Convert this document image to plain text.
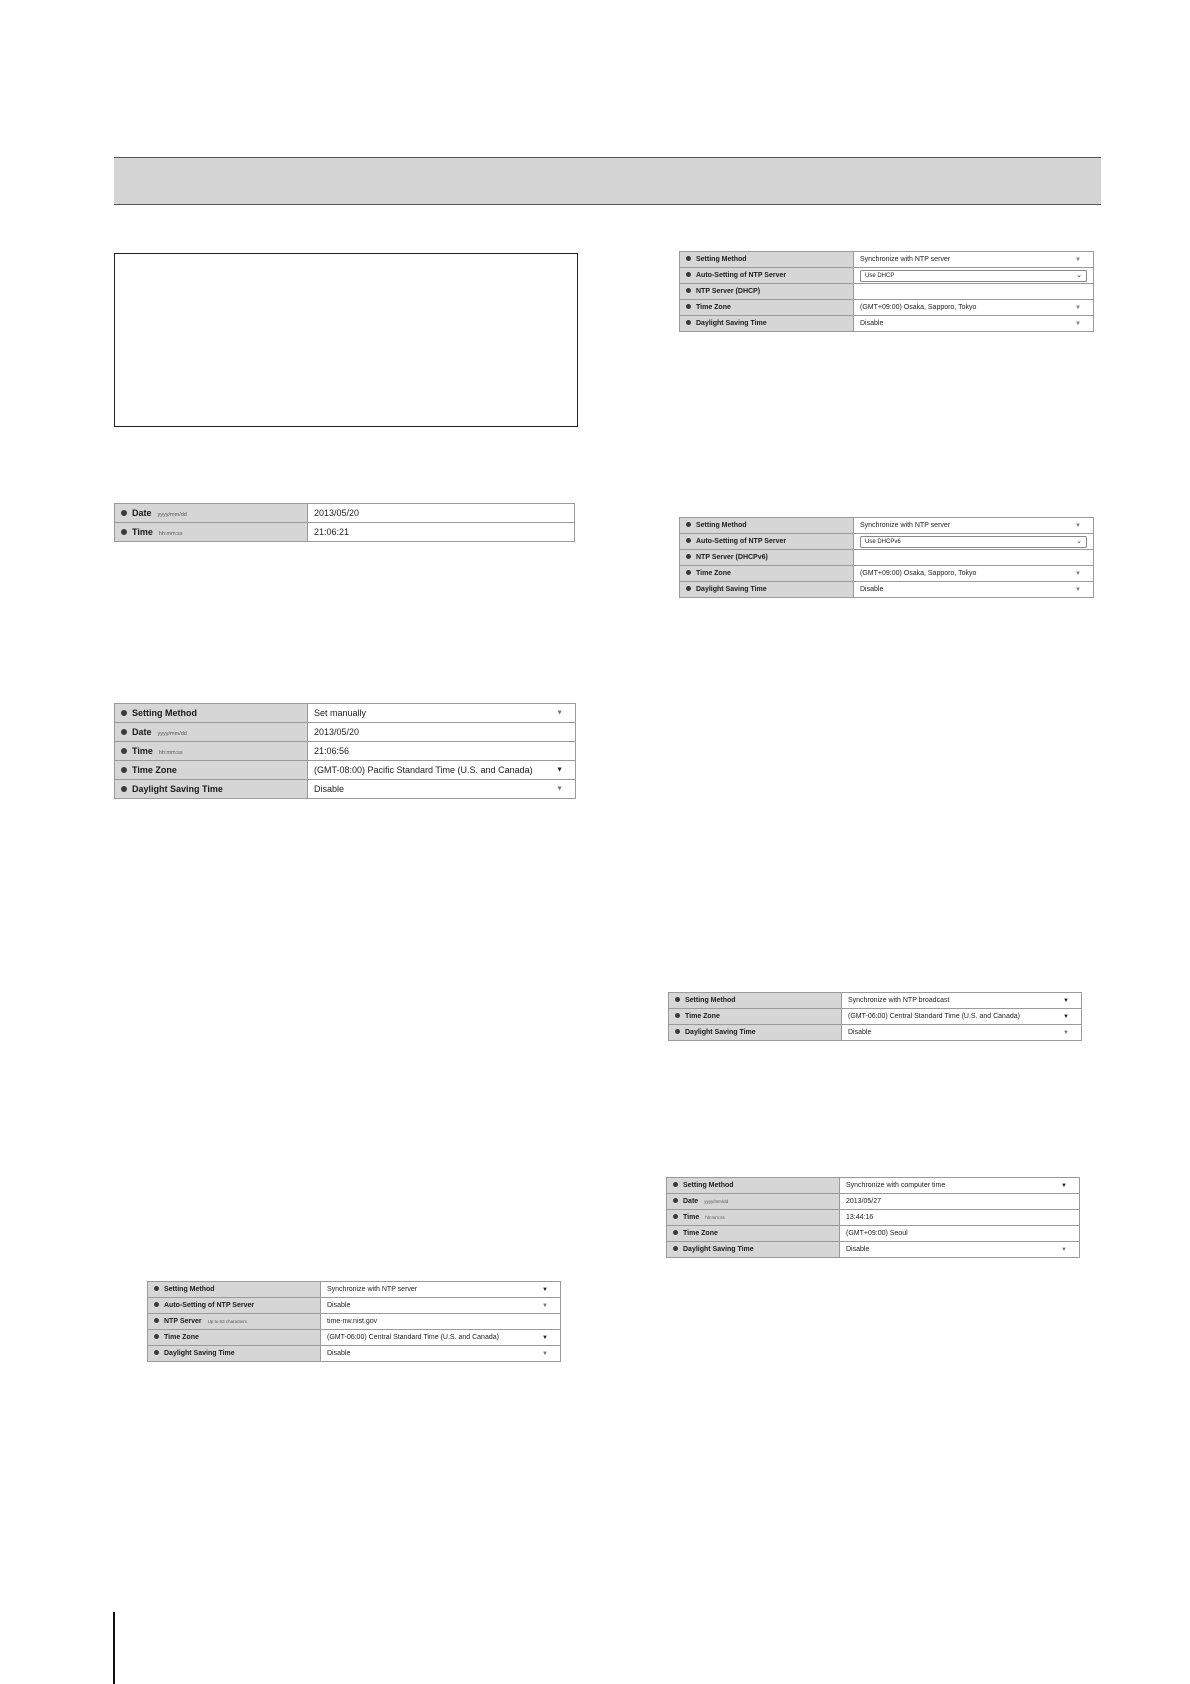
Date yyyy/mm/dd	2013/05/20
Time hh:mm:ss	21:06:21
Setting Method	Set manually ▼

Date yyyy/mm/dd	2013/05/20
Time hh:mm:ss	21:06:56
Time Zone	(GMT-08:00) Pacific Standard Time (U.S. and Canada) ▼

Daylight Saving Time	Disable ▼
Setting Method	Synchronize with NTP server ▼

Auto-Setting of NTP Server	Disable ▼

NTP Server Up to 63 characters	time-nw.nist.gov
Time Zone	(GMT-06:00) Central Standard Time (U.S. and Canada) ▼

Daylight Saving Time	Disable ▼
Setting Method	Synchronize with NTP server ▼

Auto-Setting of NTP Server	Use DHCP ⌄

NTP Server (DHCP)	
Time Zone	(GMT+09:00) Osaka, Sapporo, Tokyo ▼

Daylight Saving Time	Disable ▼
Setting Method	Synchronize with NTP server ▼

Auto-Setting of NTP Server	Use DHCPv6 ⌄

NTP Server (DHCPv6)	
Time Zone	(GMT+09:00) Osaka, Sapporo, Tokyo ▼

Daylight Saving Time	Disable ▼
Setting Method	Synchronize with NTP broadcast ▼

Time Zone	(GMT-06:00) Central Standard Time (U.S. and Canada) ▼

Daylight Saving Time	Disable ▼
Setting Method	Synchronize with computer time ▼

Date yyyy/mm/dd	2013/05/27
Time hh:mm:ss	13:44:16
Time Zone	(GMT+09:00) Seoul
Daylight Saving Time	Disable ▼
